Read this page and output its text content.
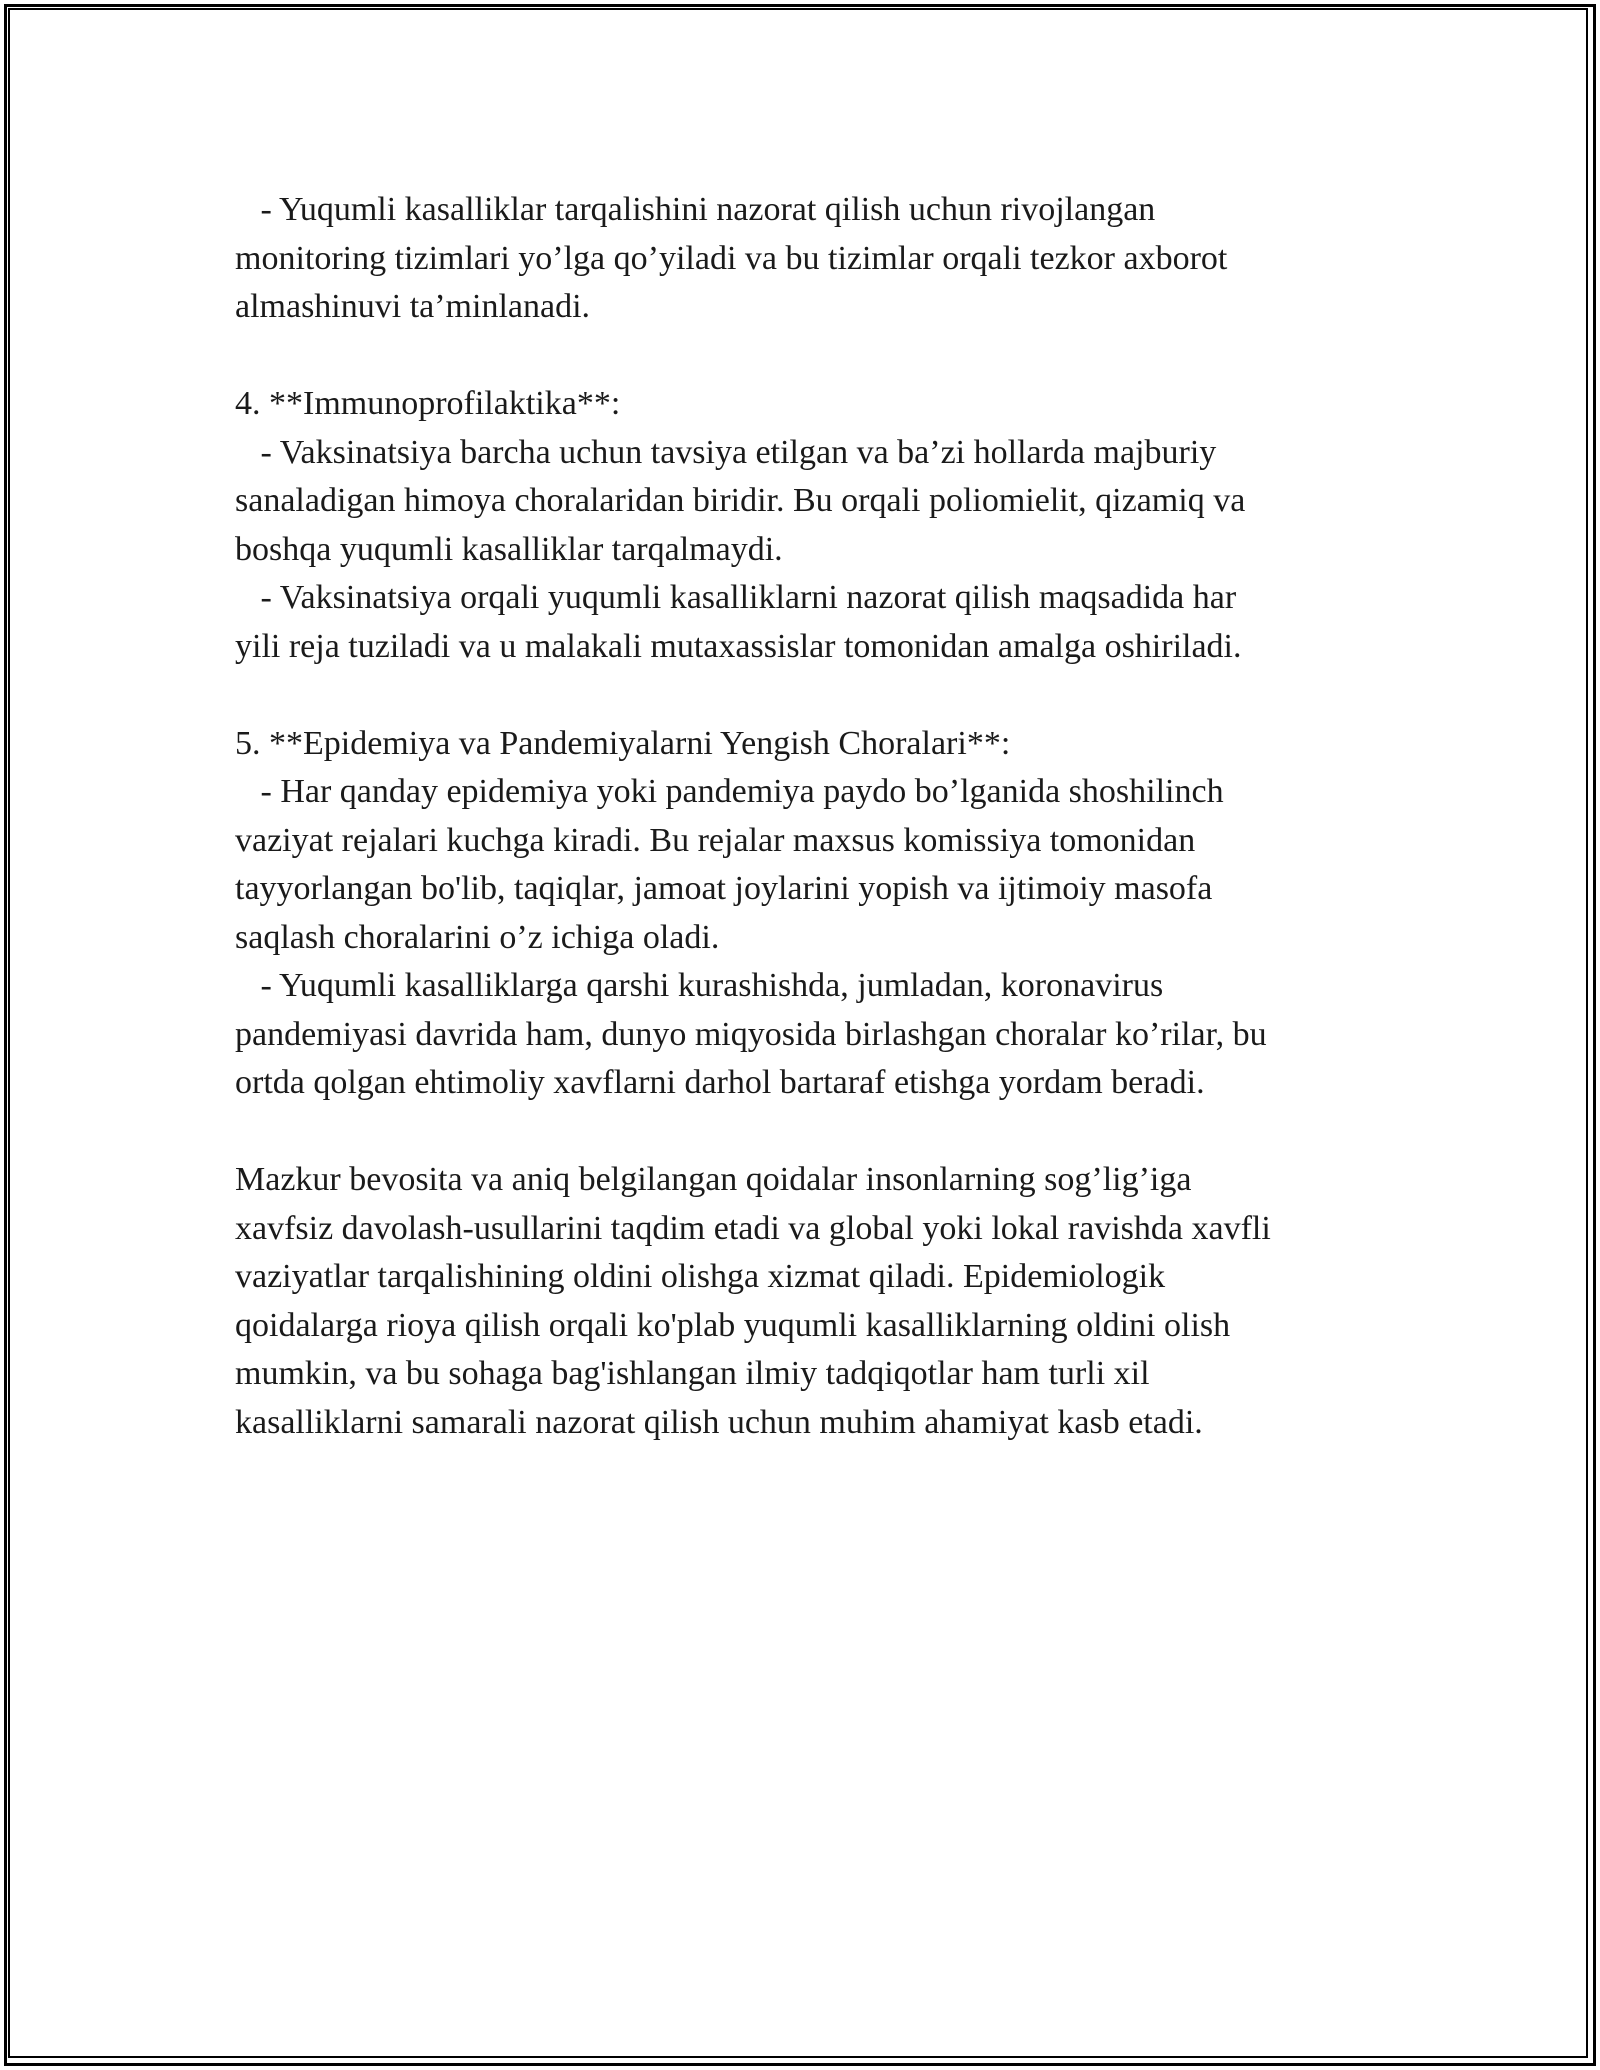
- Yuqumli kasalliklar tarqalishini nazorat qilish uchun rivojlangan
monitoring tizimlari yo’lga qo’yiladi va bu tizimlar orqali tezkor axborot
almashinuvi ta’minlanadi.
4. **Immunoprofilaktika**:
- Vaksinatsiya barcha uchun tavsiya etilgan va ba’zi hollarda majburiy
sanaladigan himoya choralaridan biridir. Bu orqali poliomielit, qizamiq va
boshqa yuqumli kasalliklar tarqalmaydi.
- Vaksinatsiya orqali yuqumli kasalliklarni nazorat qilish maqsadida har
yili reja tuziladi va u malakali mutaxassislar tomonidan amalga oshiriladi.
5. **Epidemiya va Pandemiyalarni Yengish Choralari**:
- Har qanday epidemiya yoki pandemiya paydo bo’lganida shoshilinch
vaziyat rejalari kuchga kiradi. Bu rejalar maxsus komissiya tomonidan
tayyorlangan bo'lib, taqiqlar, jamoat joylarini yopish va ijtimoiy masofa
saqlash choralarini o’z ichiga oladi.
- Yuqumli kasalliklarga qarshi kurashishda, jumladan, koronavirus
pandemiyasi davrida ham, dunyo miqyosida birlashgan choralar ko’rilar, bu
ortda qolgan ehtimoliy xavflarni darhol bartaraf etishga yordam beradi.
Mazkur bevosita va aniq belgilangan qoidalar insonlarning sog’lig’iga
xavfsiz davolash-usullarini taqdim etadi va global yoki lokal ravishda xavfli
vaziyatlar tarqalishining oldini olishga xizmat qiladi. Epidemiologik
qoidalarga rioya qilish orqali ko'plab yuqumli kasalliklarning oldini olish
mumkin, va bu sohaga bag'ishlangan ilmiy tadqiqotlar ham turli xil
kasalliklarni samarali nazorat qilish uchun muhim ahamiyat kasb etadi.
